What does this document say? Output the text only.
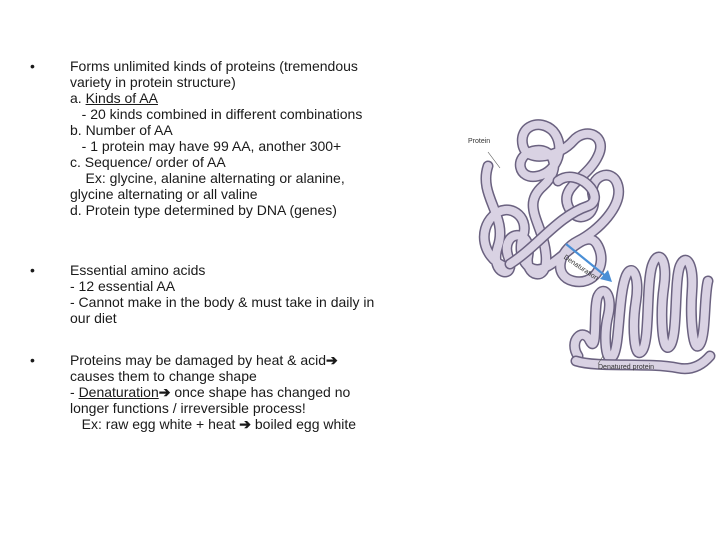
•	Forms unlimited kinds of proteins (tremendous
variety in protein structure)
a. Kinds of AA
- 20 kinds combined in different combinations
b. Number of AA
- 1 protein may have 99 AA, another 300+
c. Sequence/ order of AA
Ex: glycine, alanine alternating or alanine,
glycine alternating or all valine
d. Protein type determined by DNA (genes)
•	Essential amino acids
- 12 essential AA
- Cannot make in the body & must take in daily in
our diet
•	Proteins may be damaged by heat & acid➔
causes them to change shape
- Denaturation➔ once shape has changed no
longer functions / irreversible process!
Ex: raw egg white + heat ➔ boiled egg white
Protein
Denaturation
Denatured protein
